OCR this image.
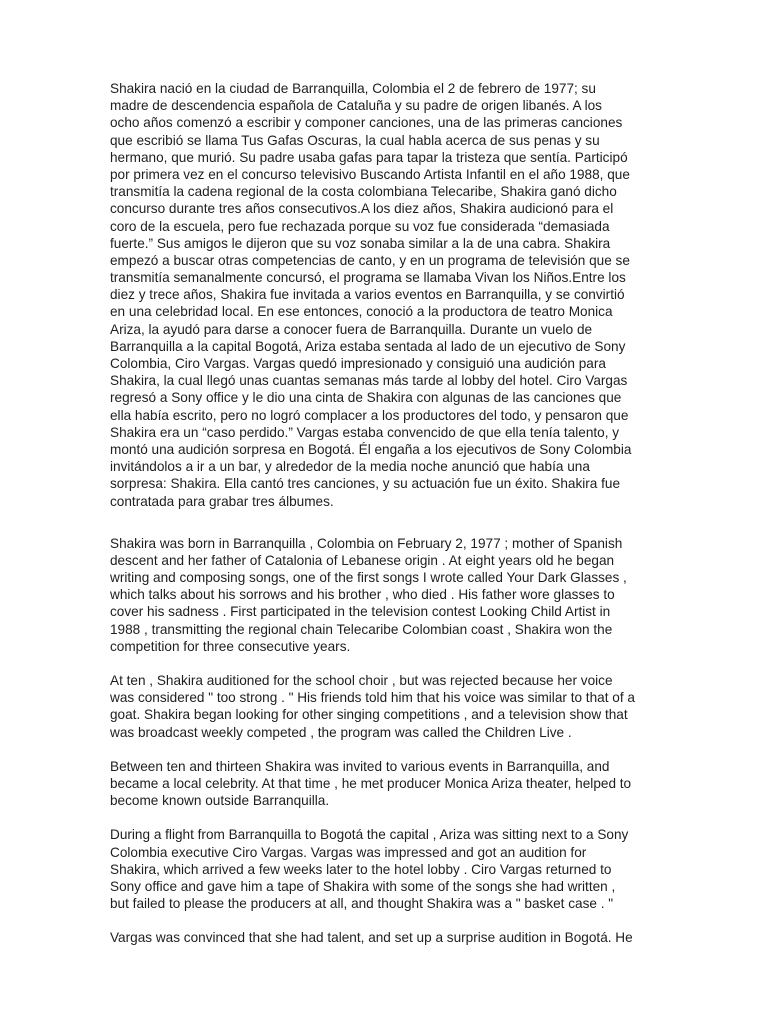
Shakira nació en la ciudad de Barranquilla, Colombia el 2 de febrero de 1977; su
madre de descendencia española de Cataluña y su padre de origen libanés. A los
ocho años comenzó a escribir y componer canciones, una de las primeras canciones
que escribió se llama Tus Gafas Oscuras, la cual habla acerca de sus penas y su
hermano, que murió. Su padre usaba gafas para tapar la tristeza que sentía. Participó
por primera vez en el concurso televisivo Buscando Artista Infantil en el año 1988, que
transmitía la cadena regional de la costa colombiana Telecaribe, Shakira ganó dicho
concurso durante tres años consecutivos.A los diez años, Shakira audicionó para el
coro de la escuela, pero fue rechazada porque su voz fue considerada “demasiada
fuerte.” Sus amigos le dijeron que su voz sonaba similar a la de una cabra. Shakira
empezó a buscar otras competencias de canto, y en un programa de televisión que se
transmitía semanalmente concursó, el programa se llamaba Vivan los Niños.Entre los
diez y trece años, Shakira fue invitada a varios eventos en Barranquilla, y se convirtió
en una celebridad local. En ese entonces, conoció a la productora de teatro Monica
Ariza, la ayudó para darse a conocer fuera de Barranquilla. Durante un vuelo de
Barranquilla a la capital Bogotá, Ariza estaba sentada al lado de un ejecutivo de Sony
Colombia, Ciro Vargas. Vargas quedó impresionado y consiguió una audición para
Shakira, la cual llegó unas cuantas semanas más tarde al lobby del hotel. Ciro Vargas
regresó a Sony office y le dio una cinta de Shakira con algunas de las canciones que
ella había escrito, pero no logró complacer a los productores del todo, y pensaron que
Shakira era un “caso perdido.” Vargas estaba convencido de que ella tenía talento, y
montó una audición sorpresa en Bogotá. Él engaña a los ejecutivos de Sony Colombia
invitándolos a ir a un bar, y alrededor de la media noche anunció que había una
sorpresa: Shakira. Ella cantó tres canciones, y su actuación fue un éxito. Shakira fue
contratada para grabar tres álbumes.
Shakira was born in Barranquilla , Colombia on February 2, 1977 ; mother of Spanish
descent and her father of Catalonia of Lebanese origin . At eight years old he began
writing and composing songs, one of the first songs I wrote called Your Dark Glasses ,
which talks about his sorrows and his brother , who died . His father wore glasses to
cover his sadness . First participated in the television contest Looking Child Artist in
1988 , transmitting the regional chain Telecaribe Colombian coast , Shakira won the
competition for three consecutive years.
At ten , Shakira auditioned for the school choir , but was rejected because her voice
was considered " too strong . " His friends told him that his voice was similar to that of a
goat. Shakira began looking for other singing competitions , and a television show that
was broadcast weekly competed , the program was called the Children Live .
Between ten and thirteen Shakira was invited to various events in Barranquilla, and
became a local celebrity. At that time , he met producer Monica Ariza theater, helped to
become known outside Barranquilla.
During a flight from Barranquilla to Bogotá the capital , Ariza was sitting next to a Sony
Colombia executive Ciro Vargas. Vargas was impressed and got an audition for
Shakira, which arrived a few weeks later to the hotel lobby . Ciro Vargas returned to
Sony office and gave him a tape of Shakira with some of the songs she had written ,
but failed to please the producers at all, and thought Shakira was a " basket case . "
Vargas was convinced that she had talent, and set up a surprise audition in Bogotá. He
